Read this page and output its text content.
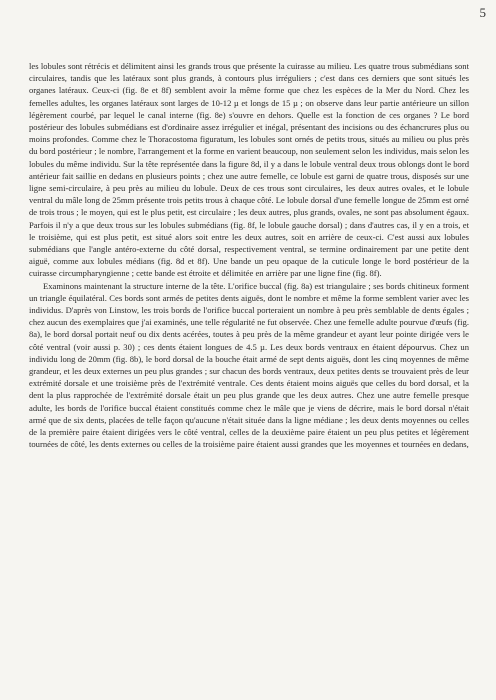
5

les lobules sont rétrécis et délimitent ainsi les grands trous que présente la cuirasse au milieu. Les quatre trous submédians sont circulaires, tandis que les latéraux sont plus grands, à contours plus irréguliers ; c'est dans ces derniers que sont situés les organes latéraux. Ceux-ci (fig. 8e et 8f) semblent avoir la même forme que chez les espèces de la Mer du Nord. Chez les femelles adultes, les organes latéraux sont larges de 10-12 µ et longs de 15 µ ; on observe dans leur partie antérieure un sillon légèrement courbé, par lequel le canal interne (fig. 8e) s'ouvre en dehors. Quelle est la fonction de ces organes ? Le bord postérieur des lobules submédians est d'ordinaire assez irrégulier et inégal, présentant des incisions ou des échancrures plus ou moins profondes. Comme chez le Thoracostoma figuratum, les lobules sont ornés de petits trous, situés au milieu ou plus près du bord postérieur ; le nombre, l'arrangement et la forme en varient beaucoup, non seulement selon les individus, mais selon les lobules du même individu. Sur la tête représentée dans la figure 8d, il y a dans le lobule ventral deux trous oblongs dont le bord antérieur fait saillie en dedans en plusieurs points ; chez une autre femelle, ce lobule est garni de quatre trous, disposés sur une ligne semi-circulaire, à peu près au milieu du lobule. Deux de ces trous sont circulaires, les deux autres ovales, et le lobule ventral du mâle long de 25mm présente trois petits trous à chaque côté. Le lobule dorsal d'une femelle longue de 25mm est orné de trois trous ; le moyen, qui est le plus petit, est circulaire ; les deux autres, plus grands, ovales, ne sont pas absolument égaux. Parfois il n'y a que deux trous sur les lobules submédians (fig. 8f, le lobule gauche dorsal) ; dans d'autres cas, il y en a trois, et le troisième, qui est plus petit, est situé alors soit entre les deux autres, soit en arrière de ceux-ci. C'est aussi aux lobules submédians que l'angle antéro-externe du côté dorsal, respectivement ventral, se termine ordinairement par une petite dent aiguë, comme aux lobules médians (fig. 8d et 8f). Une bande un peu opaque de la cuticule longe le bord postérieur de la cuirasse circumpharyngienne ; cette bande est étroite et délimitée en arrière par une ligne fine (fig. 8f).

Examinons maintenant la structure interne de la tête. L'orifice buccal (fig. 8a) est triangulaire ; ses bords chitineux forment un triangle équilatéral. Ces bords sont armés de petites dents aiguës, dont le nombre et même la forme semblent varier avec les individus. D'après von Linstow, les trois bords de l'orifice buccal porteraient un nombre à peu près semblable de dents égales ; chez aucun des exemplaires que j'ai examinés, une telle régularité ne fut observée. Chez une femelle adulte pourvue d'œufs (fig. 8a), le bord dorsal portait neuf ou dix dents acérées, toutes à peu près de la même grandeur et ayant leur pointe dirigée vers le côté ventral (voir aussi p. 30) ; ces dents étaient longues de 4.5 µ. Les deux bords ventraux en étaient dépourvus. Chez un individu long de 20mm (fig. 8b), le bord dorsal de la bouche était armé de sept dents aiguës, dont les cinq moyennes de même grandeur, et les deux externes un peu plus grandes ; sur chacun des bords ventraux, deux petites dents se trouvaient près de leur extrémité dorsale et une troisième près de l'extrémité ventrale. Ces dents étaient moins aiguës que celles du bord dorsal, et la dent la plus rapprochée de l'extrémité dorsale était un peu plus grande que les deux autres. Chez une autre femelle presque adulte, les bords de l'orifice buccal étaient constitués comme chez le mâle que je viens de décrire, mais le bord dorsal n'était armé que de six dents, placées de telle façon qu'aucune n'était située dans la ligne médiane ; les deux dents moyennes ou celles de la première paire étaient dirigées vers le côté ventral, celles de la deuxième paire étaient un peu plus petites et légèrement tournées de côté, les dents externes ou celles de la troisième paire étaient aussi grandes que les moyennes et tournées en dedans,
